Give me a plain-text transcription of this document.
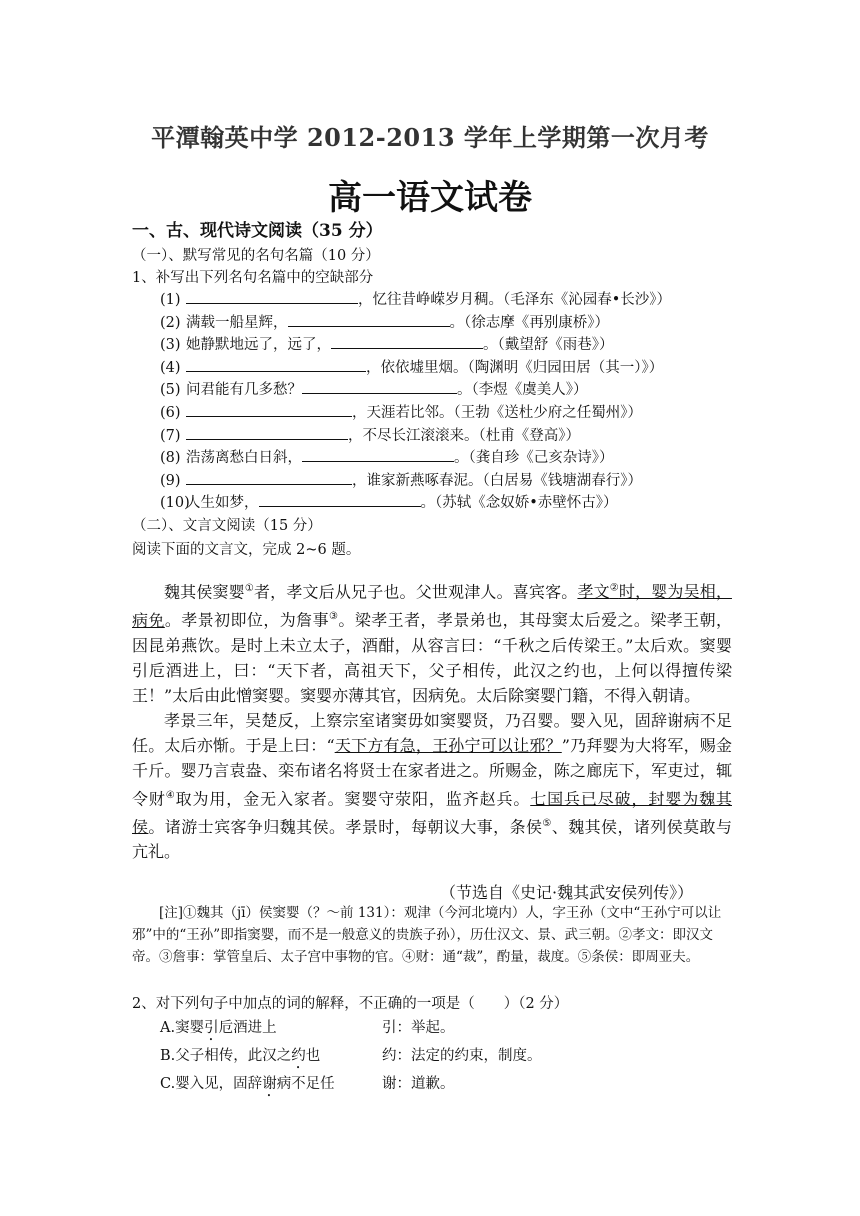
平潭翰英中学 2012-2013 学年上学期第一次月考
高一语文试卷
一、古、现代诗文阅读（35 分）
（一）、默写常见的名句名篇（10 分）
1、补写出下列名句名篇中的空缺部分
(1)	，忆往昔峥嵘岁月稠。（毛泽东《沁园春•长沙》）
(2) 满载一船星辉，	。（徐志摩《再别康桥》）
(3) 她静默地远了，远了，	。（戴望舒《雨巷》）
(4)	，依依墟里烟。（陶渊明《归园田居（其一）》）
(5) 问君能有几多愁？	。（李煜《虞美人》）
(6)	，天涯若比邻。（王勃《送杜少府之任蜀州》）
(7)	，不尽长江滚滚来。（杜甫《登高》）
(8) 浩荡离愁白日斜，	。（龚自珍《己亥杂诗》）
(9)	，谁家新燕啄春泥。（白居易《钱塘湖春行》）
(10)人生如梦，	。（苏轼《念奴娇•赤壁怀古》）
（二）、文言文阅读（15 分）
阅读下面的文言文，完成 2~6 题。

魏其侯窦婴①者，孝文后从兄子也。父世观津人。喜宾客。孝文②时，婴为吴相，病免。孝景初即位，为詹事③。梁孝王者，孝景弟也，其母窦太后爱之。梁孝王朝，因昆弟燕饮。是时上未立太子，酒酣，从容言曰：“千秋之后传梁王。”太后欢。窦婴引卮酒进上，曰：“天下者，高祖天下，父子相传，此汉之约也，上何以得擅传梁王！”太后由此憎窦婴。窦婴亦薄其官，因病免。太后除窦婴门籍，不得入朝请。

孝景三年，吴楚反，上察宗室诸窦毋如窦婴贤，乃召婴。婴入见，固辞谢病不足任。太后亦惭。于是上曰：“天下方有急，王孙宁可以让邪？”乃拜婴为大将军，赐金千斤。婴乃言袁盎、栾布诸名将贤士在家者进之。所赐金，陈之廊庑下，军吏过，辄令财④取为用，金无入家者。窦婴守荥阳，监齐赵兵。七国兵已尽破，封婴为魏其侯。诸游士宾客争归魏其侯。孝景时，每朝议大事，条侯⑤、魏其侯，诸列侯莫敢与亢礼。

（节选自《史记·魏其武安侯列传》）
[注]①魏其（jī）侯窦婴（？～前 131）：观津（今河北境内）人，字王孙（文中“王孙宁可以让邪”中的“王孙”即指窦婴，而不是一般意义的贵族子孙），历仕汉文、景、武三朝。②孝文：即汉文帝。③詹事：掌管皇后、太子宫中事物的官。④财：通“裁”，酌量，裁度。⑤条侯：即周亚夫。
2、对下列句子中加点的词的解释，不正确的一项是（　　）（2 分）
A.窦婴引卮酒进上	引：举起。
B.父子相传，此汉之约也	约：法定的约束，制度。
C.婴入见，固辞谢病不足任	谢：道歉。
